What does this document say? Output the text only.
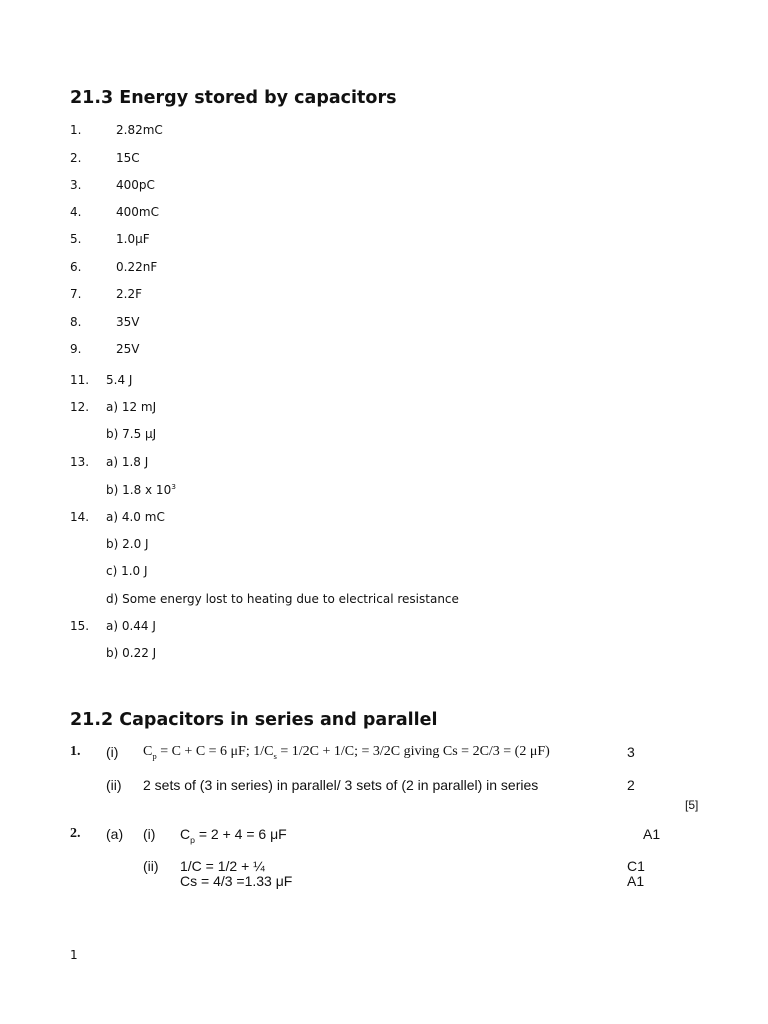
21.3 Energy stored by capacitors
1.	2.82mC
2.	15C
3.	400pC
4.	400mC
5.	1.0μF
6.	0.22nF
7.	2.2F
8.	35V
9.	25V
11. 5.4 J
12. a) 12 mJ
b) 7.5 μJ
13. a) 1.8 J
b) 1.8 x $10^3$
14. a) 4.0 mC
b) 2.0 J
c) 1.0 J
d) Some energy lost to heating due to electrical resistance
15. a) 0.44 J
b) 0.22 J
21.2 Capacitors in series and parallel
1. (i) $C_p = C + C = 6$ μF; $1/C_s = 1/2C + 1/C$; = 3/2C giving Cs = 2C/3 = (2 μF)	3
(ii) 2 sets of (3 in series) in parallel/ 3 sets of (2 in parallel) in series	2
[5]
2. (a) (i) $C_p = 2 + 4 = 6$ μF	A1
(ii) 1/C = 1/2 + ¼	C1
Cs = 4/3 =1.33 μF	A1
1
